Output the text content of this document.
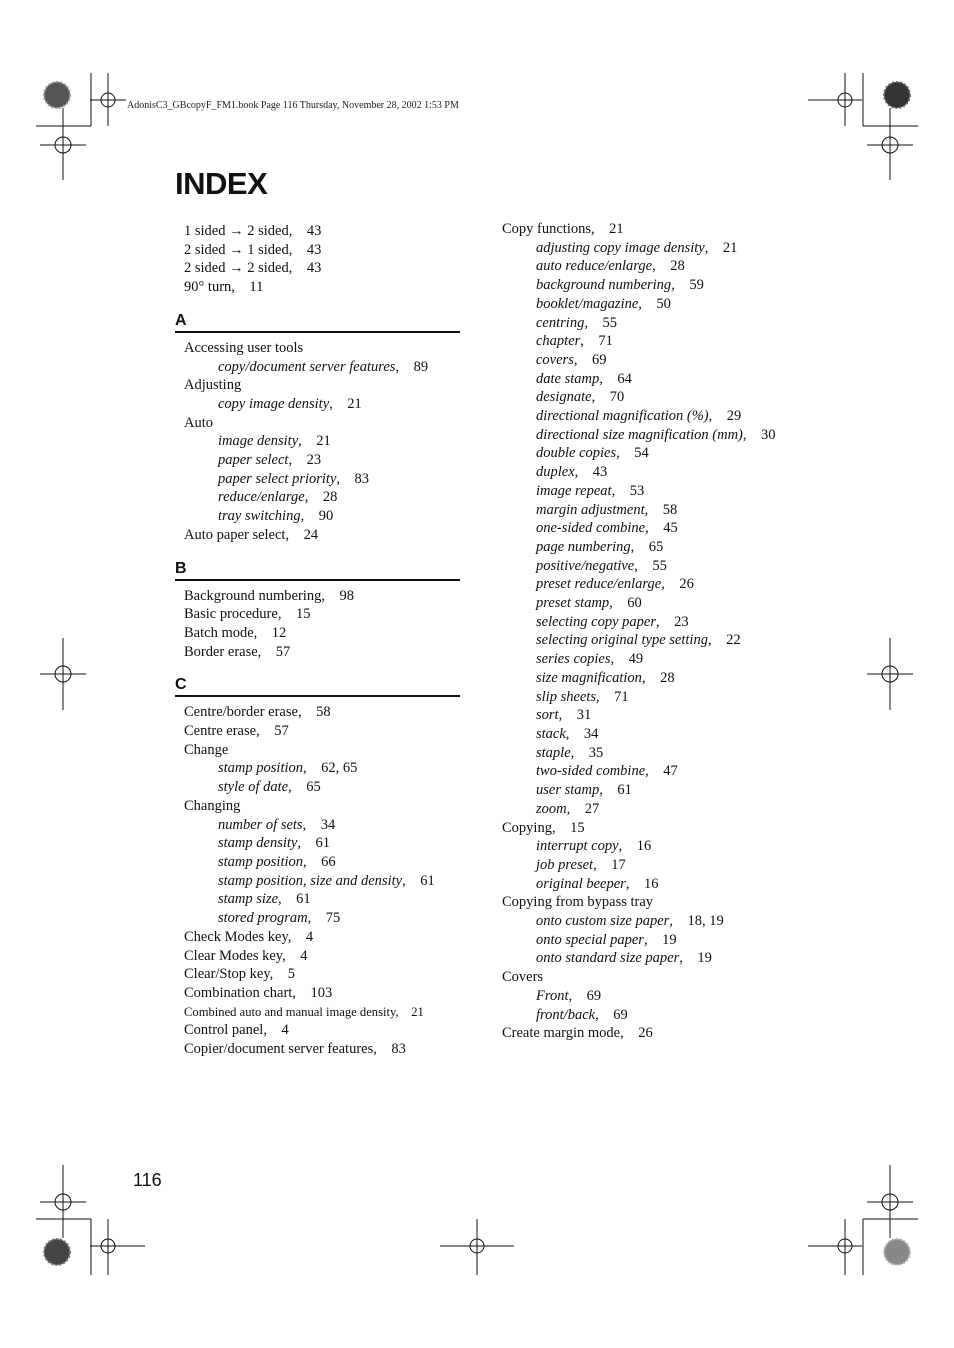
AdonisC3_GBcopyF_FM1.book Page 116 Thursday, November 28, 2002 1:53 PM
INDEX
1 sided → 2 sided, 43
2 sided → 1 sided, 43
2 sided → 2 sided, 43
90° turn, 11
A
Accessing user tools
copy/document server features, 89
Adjusting
copy image density, 21
Auto
image density, 21
paper select, 23
paper select priority, 83
reduce/enlarge, 28
tray switching, 90
Auto paper select, 24
B
Background numbering, 98
Basic procedure, 15
Batch mode, 12
Border erase, 57
C
Centre/border erase, 58
Centre erase, 57
Change
stamp position, 62, 65
style of date, 65
Changing
number of sets, 34
stamp density, 61
stamp position, 66
stamp position, size and density, 61
stamp size, 61
stored program, 75
Check Modes key, 4
Clear Modes key, 4
Clear/Stop key, 5
Combination chart, 103
Combined auto and manual image density, 21
Control panel, 4
Copier/document server features, 83
Copy functions, 21
adjusting copy image density, 21
auto reduce/enlarge, 28
background numbering, 59
booklet/magazine, 50
centring, 55
chapter, 71
covers, 69
date stamp, 64
designate, 70
directional magnification (%), 29
directional size magnification (mm), 30
double copies, 54
duplex, 43
image repeat, 53
margin adjustment, 58
one-sided combine, 45
page numbering, 65
positive/negative, 55
preset reduce/enlarge, 26
preset stamp, 60
selecting copy paper, 23
selecting original type setting, 22
series copies, 49
size magnification, 28
slip sheets, 71
sort, 31
stack, 34
staple, 35
two-sided combine, 47
user stamp, 61
zoom, 27
Copying, 15
interrupt copy, 16
job preset, 17
original beeper, 16
Copying from bypass tray
onto custom size paper, 18, 19
onto special paper, 19
onto standard size paper, 19
Covers
Front, 69
front/back, 69
Create margin mode, 26
116
